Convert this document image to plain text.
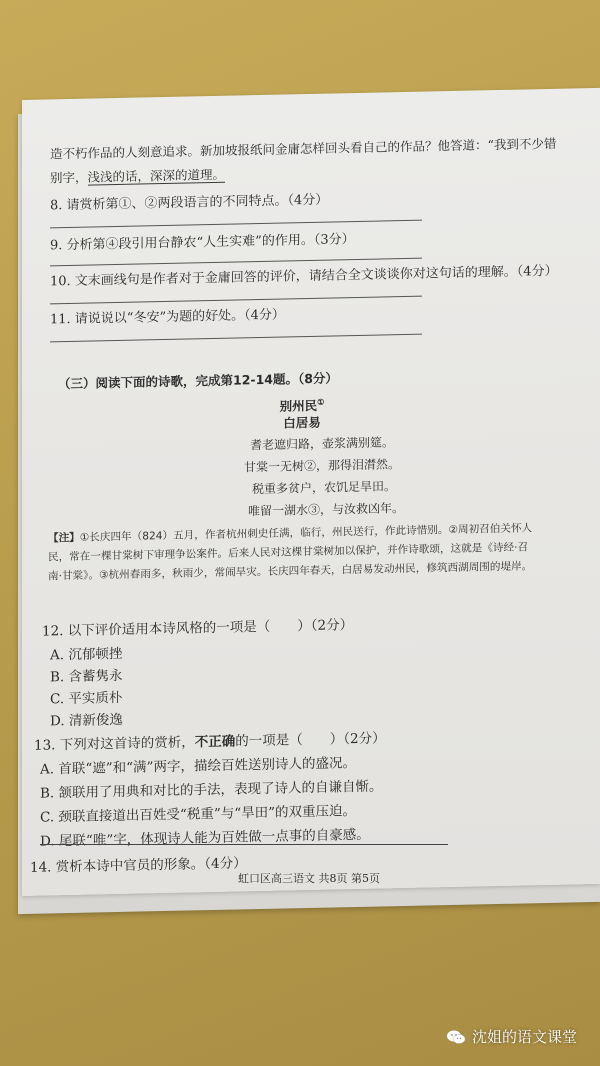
造不朽作品的人刻意追求。新加坡报纸问金庸怎样回头看自己的作品？他答道：“我到不少错
别字，浅浅的话，深深的道理。
8. 请赏析第①、②两段语言的不同特点。（4分）
9. 分析第④段引用台静农“人生实难”的作用。（3分）
10. 文末画线句是作者对于金庸回答的评价，请结合全文谈谈你对这句话的理解。（4分）
11. 请说说以“冬安”为题的好处。（4分）
（三）阅读下面的诗歌，完成第12-14题。（8分）
别州民①
白居易
耆老遮归路，壶浆满别筵。
甘棠一无树②，那得泪潸然。
税重多贫户，农饥足旱田。
唯留一湖水③，与汝救凶年。
【注】①长庆四年（824）五月，作者杭州刺史任满，临行，州民送行，作此诗惜别。②周初召伯关怀人
民，常在一棵甘棠树下审理争讼案件。后来人民对这棵甘棠树加以保护，并作诗歌颂，这就是《诗经·召
南·甘棠》。③杭州春雨多，秋雨少，常闹旱灾。长庆四年春天，白居易发动州民，修筑西湖周围的堤岸。
12. 以下评价适用本诗风格的一项是（　　）（2分）
A. 沉郁顿挫
B. 含蓄隽永
C. 平实质朴
D. 清新俊逸
13. 下列对这首诗的赏析，不正确的一项是（　　）（2分）
A. 首联“遮”和“满”两字，描绘百姓送别诗人的盛况。
B. 颔联用了用典和对比的手法，表现了诗人的自谦自惭。
C. 颈联直接道出百姓受“税重”与“旱田”的双重压迫。
D. 尾联“唯”字，体现诗人能为百姓做一点事的自豪感。
14. 赏析本诗中官员的形象。（4分）
虹口区高三语文 共8页 第5页
沈姐的语文课堂
